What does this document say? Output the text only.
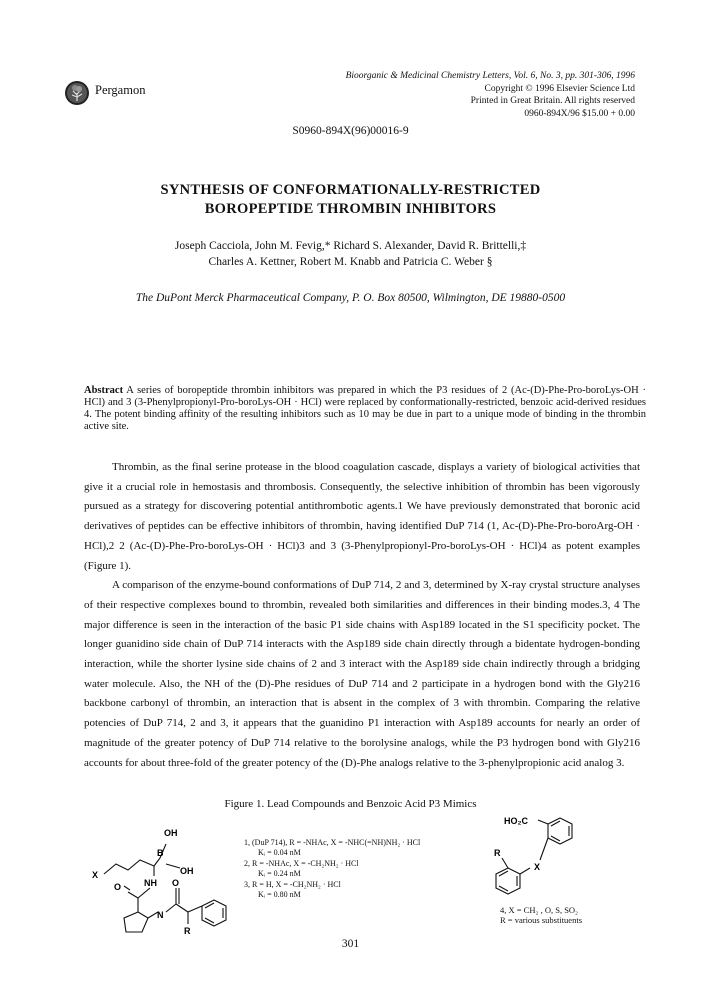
Pergamon
Bioorganic & Medicinal Chemistry Letters, Vol. 6, No. 3, pp. 301-306, 1996
Copyright © 1996 Elsevier Science Ltd
Printed in Great Britain. All rights reserved
0960-894X/96 $15.00 + 0.00
S0960-894X(96)00016-9
SYNTHESIS OF CONFORMATIONALLY-RESTRICTED
BOROPEPTIDE THROMBIN INHIBITORS
Joseph Cacciola, John M. Fevig,* Richard S. Alexander, David R. Brittelli,‡
Charles A. Kettner, Robert M. Knabb and Patricia C. Weber §
The DuPont Merck Pharmaceutical Company, P. O. Box 80500, Wilmington, DE 19880-0500
Abstract A series of boropeptide thrombin inhibitors was prepared in which the P3 residues of 2 (Ac-(D)-Phe-Pro-boroLys-OH · HCl) and 3 (3-Phenylpropionyl-Pro-boroLys-OH · HCl) were replaced by conformationally-restricted, benzoic acid-derived residues 4. The potent binding affinity of the resulting inhibitors such as 10 may be due in part to a unique mode of binding in the thrombin active site.

Thrombin, as the final serine protease in the blood coagulation cascade, displays a variety of biological activities that give it a crucial role in hemostasis and thrombosis. Consequently, the selective inhibition of thrombin has been vigorously pursued as a strategy for discovering potential antithrombotic agents.1 We have previously demonstrated that boronic acid derivatives of peptides can be effective inhibitors of thrombin, having identified DuP 714 (1, Ac-(D)-Phe-Pro-boroArg-OH · HCl),2 2 (Ac-(D)-Phe-Pro-boroLys-OH · HCl)3 and 3 (3-Phenylpropionyl-Pro-boroLys-OH · HCl)4 as potent examples (Figure 1).

A comparison of the enzyme-bound conformations of DuP 714, 2 and 3, determined by X-ray crystal structure analyses of their respective complexes bound to thrombin, revealed both similarities and differences in their binding modes.3, 4 The major difference is seen in the interaction of the basic P1 side chains with Asp189 located in the S1 specificity pocket. The longer guanidino side chain of DuP 714 interacts with the Asp189 side chain directly through a bidentate hydrogen-bonding interaction, while the shorter lysine side chains of 2 and 3 interact with the Asp189 side chain indirectly through a bridging water molecule. Also, the NH of the (D)-Phe residues of DuP 714 and 2 participate in a hydrogen bond with the Gly216 backbone carbonyl of thrombin, an interaction that is absent in the complex of 3 with thrombin. Comparing the relative potencies of DuP 714, 2 and 3, it appears that the guanidino P1 interaction with Asp189 accounts for nearly an order of magnitude of the greater potency of DuP 714 relative to the borolysine analogs, while the P3 hydrogen bond with Gly216 accounts for about three-fold of the greater potency of the (D)-Phe analogs relative to the 3-phenylpropionic acid analog 3.

Figure 1. Lead Compounds and Benzoic Acid P3 Mimics
OH
B
OH
X
O	NH O
N
R
1, (DuP 714), R = -NHAc, X = -NHC(=NH)NH₂ · HCl
Kᵢ = 0.04 nM
2, R = -NHAc, X = -CH₂NH₂ · HCl
Kᵢ = 0.24 nM
3, R = H, X = -CH₂NH₂ · HCl
Kᵢ = 0.80 nM
HO₂C
R
X
4, X = CH₂ , O, S, SO₂
R = various substituents
301
